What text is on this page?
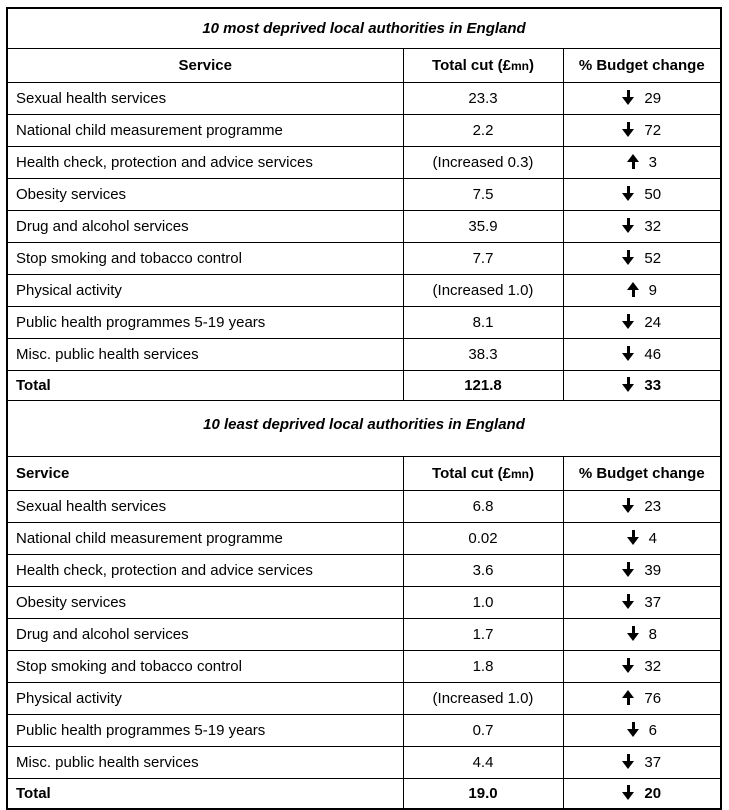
10 most deprived local authorities in England		
Service	Total cut (£mn)	% Budget change
Sexual health services	23.3	29
National child measurement programme	2.2	72
Health check, protection and advice services	(Increased 0.3)	3
Obesity services	7.5	50
Drug and alcohol services	35.9	32
Stop smoking and tobacco control	7.7	52
Physical activity	(Increased 1.0)	9
Public health programmes 5-19 years	8.1	24
Misc. public health services	38.3	46
Total	121.8	33
10 least deprived local authorities in England		
Service	Total cut (£mn)	% Budget change
Sexual health services	6.8	23
National child measurement programme	0.02	4
Health check, protection and advice services	3.6	39
Obesity services	1.0	37
Drug and alcohol services	1.7	8
Stop smoking and tobacco control	1.8	32
Physical activity	(Increased 1.0)	76
Public health programmes 5-19 years	0.7	6
Misc. public health services	4.4	37
Total	19.0	20
